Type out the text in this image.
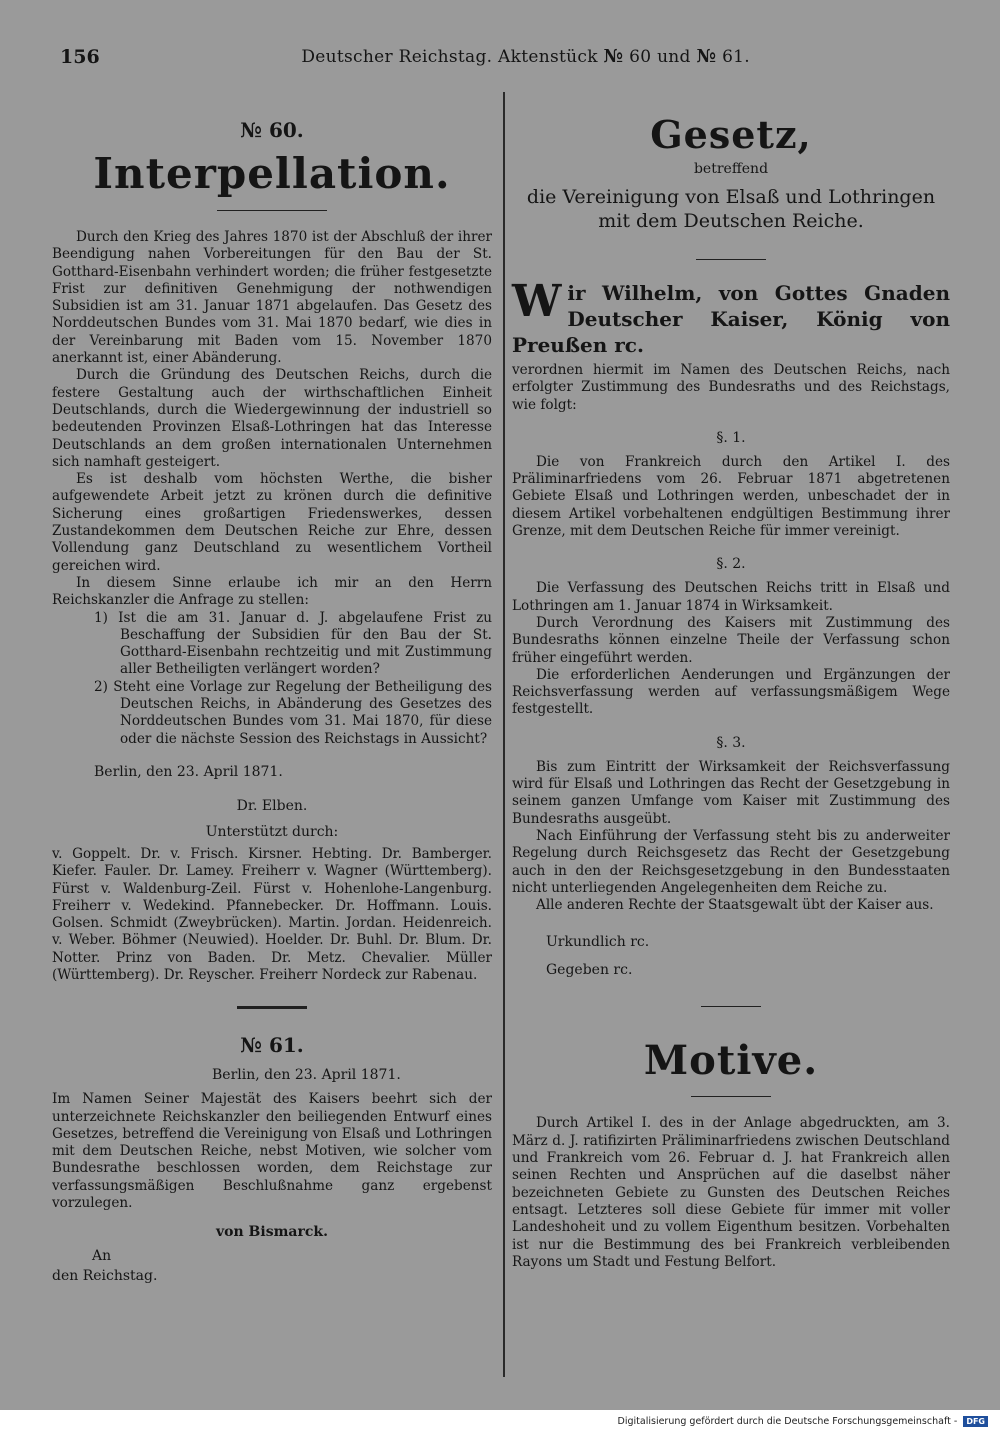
156	Deutscher Reichstag. Aktenstück № 60 und № 61.
№ 60.
Interpellation.

Durch den Krieg des Jahres 1870 ist der Abschluß der ihrer Beendigung nahen Vorbereitungen für den Bau der St. Gotthard-Eisenbahn verhindert worden; die früher festgesetzte Frist zur definitiven Genehmigung der nothwendigen Subsidien ist am 31. Januar 1871 abgelaufen. Das Gesetz des Norddeutschen Bundes vom 31. Mai 1870 bedarf, wie dies in der Vereinbarung mit Baden vom 15. November 1870 anerkannt ist, einer Abänderung.

Durch die Gründung des Deutschen Reichs, durch die festere Gestaltung auch der wirthschaftlichen Einheit Deutschlands, durch die Wiedergewinnung der industriell so bedeutenden Provinzen Elsaß-Lothringen hat das Interesse Deutschlands an dem großen internationalen Unternehmen sich namhaft gesteigert.

Es ist deshalb vom höchsten Werthe, die bisher aufgewendete Arbeit jetzt zu krönen durch die definitive Sicherung eines großartigen Friedenswerkes, dessen Zustandekommen dem Deutschen Reiche zur Ehre, dessen Vollendung ganz Deutschland zu wesentlichem Vortheil gereichen wird.

In diesem Sinne erlaube ich mir an den Herrn Reichskanzler die Anfrage zu stellen:

1) Ist die am 31. Januar d. J. abgelaufene Frist zu Beschaffung der Subsidien für den Bau der St. Gotthard-Eisenbahn rechtzeitig und mit Zustimmung aller Betheiligten verlängert worden?

2) Steht eine Vorlage zur Regelung der Betheiligung des Deutschen Reichs, in Abänderung des Gesetzes des Norddeutschen Bundes vom 31. Mai 1870, für diese oder die nächste Session des Reichstags in Aussicht?

Berlin, den 23. April 1871.
Dr. Elben.
Unterstützt durch:

v. Goppelt. Dr. v. Frisch. Kirsner. Hebting. Dr. Bamberger. Kiefer. Fauler. Dr. Lamey. Freiherr v. Wagner (Württemberg). Fürst v. Waldenburg-Zeil. Fürst v. Hohenlohe-Langenburg. Freiherr v. Wedekind. Pfannebecker. Dr. Hoffmann. Louis. Golsen. Schmidt (Zweybrücken). Martin. Jordan. Heidenreich. v. Weber. Böhmer (Neuwied). Hoelder. Dr. Buhl. Dr. Blum. Dr. Notter. Prinz von Baden. Dr. Metz. Chevalier. Müller (Württemberg). Dr. Reyscher. Freiherr Nordeck zur Rabenau.

№ 61.
Berlin, den 23. April 1871.

Im Namen Seiner Majestät des Kaisers beehrt sich der unterzeichnete Reichskanzler den beiliegenden Entwurf eines Gesetzes, betreffend die Vereinigung von Elsaß und Lothringen mit dem Deutschen Reiche, nebst Motiven, wie solcher vom Bundesrathe beschlossen worden, dem Reichstage zur verfassungsmäßigen Beschlußnahme ganz ergebenst vorzulegen.

von Bismarck.
An
den Reichstag.
Gesetz,
betreffend
die Vereinigung von Elsaß und Lothringen
mit dem Deutschen Reiche.
W ir Wilhelm, von Gottes Gnaden Deutscher Kaiser, König von Preußen rc.

verordnen hiermit im Namen des Deutschen Reichs, nach erfolgter Zustimmung des Bundesraths und des Reichstags, wie folgt:

§. 1.

Die von Frankreich durch den Artikel I. des Präliminarfriedens vom 26. Februar 1871 abgetretenen Gebiete Elsaß und Lothringen werden, unbeschadet der in diesem Artikel vorbehaltenen endgültigen Bestimmung ihrer Grenze, mit dem Deutschen Reiche für immer vereinigt.

§. 2.

Die Verfassung des Deutschen Reichs tritt in Elsaß und Lothringen am 1. Januar 1874 in Wirksamkeit.

Durch Verordnung des Kaisers mit Zustimmung des Bundesraths können einzelne Theile der Verfassung schon früher eingeführt werden.

Die erforderlichen Aenderungen und Ergänzungen der Reichsverfassung werden auf verfassungsmäßigem Wege festgestellt.

§. 3.

Bis zum Eintritt der Wirksamkeit der Reichsverfassung wird für Elsaß und Lothringen das Recht der Gesetzgebung in seinem ganzen Umfange vom Kaiser mit Zustimmung des Bundesraths ausgeübt.

Nach Einführung der Verfassung steht bis zu anderweiter Regelung durch Reichsgesetz das Recht der Gesetzgebung auch in den der Reichsgesetzgebung in den Bundesstaaten nicht unterliegenden Angelegenheiten dem Reiche zu.

Alle anderen Rechte der Staatsgewalt übt der Kaiser aus.

Urkundlich rc.
Gegeben rc.
Motive.

Durch Artikel I. des in der Anlage abgedruckten, am 3. März d. J. ratifizirten Präliminarfriedens zwischen Deutschland und Frankreich vom 26. Februar d. J. hat Frankreich allen seinen Rechten und Ansprüchen auf die daselbst näher bezeichneten Gebiete zu Gunsten des Deutschen Reiches entsagt. Letzteres soll diese Gebiete für immer mit voller Landeshoheit und zu vollem Eigenthum besitzen. Vorbehalten ist nur die Bestimmung des bei Frankreich verbleibenden Rayons um Stadt und Festung Belfort.

Digitalisierung gefördert durch die Deutsche Forschungsgemeinschaft - DFG
